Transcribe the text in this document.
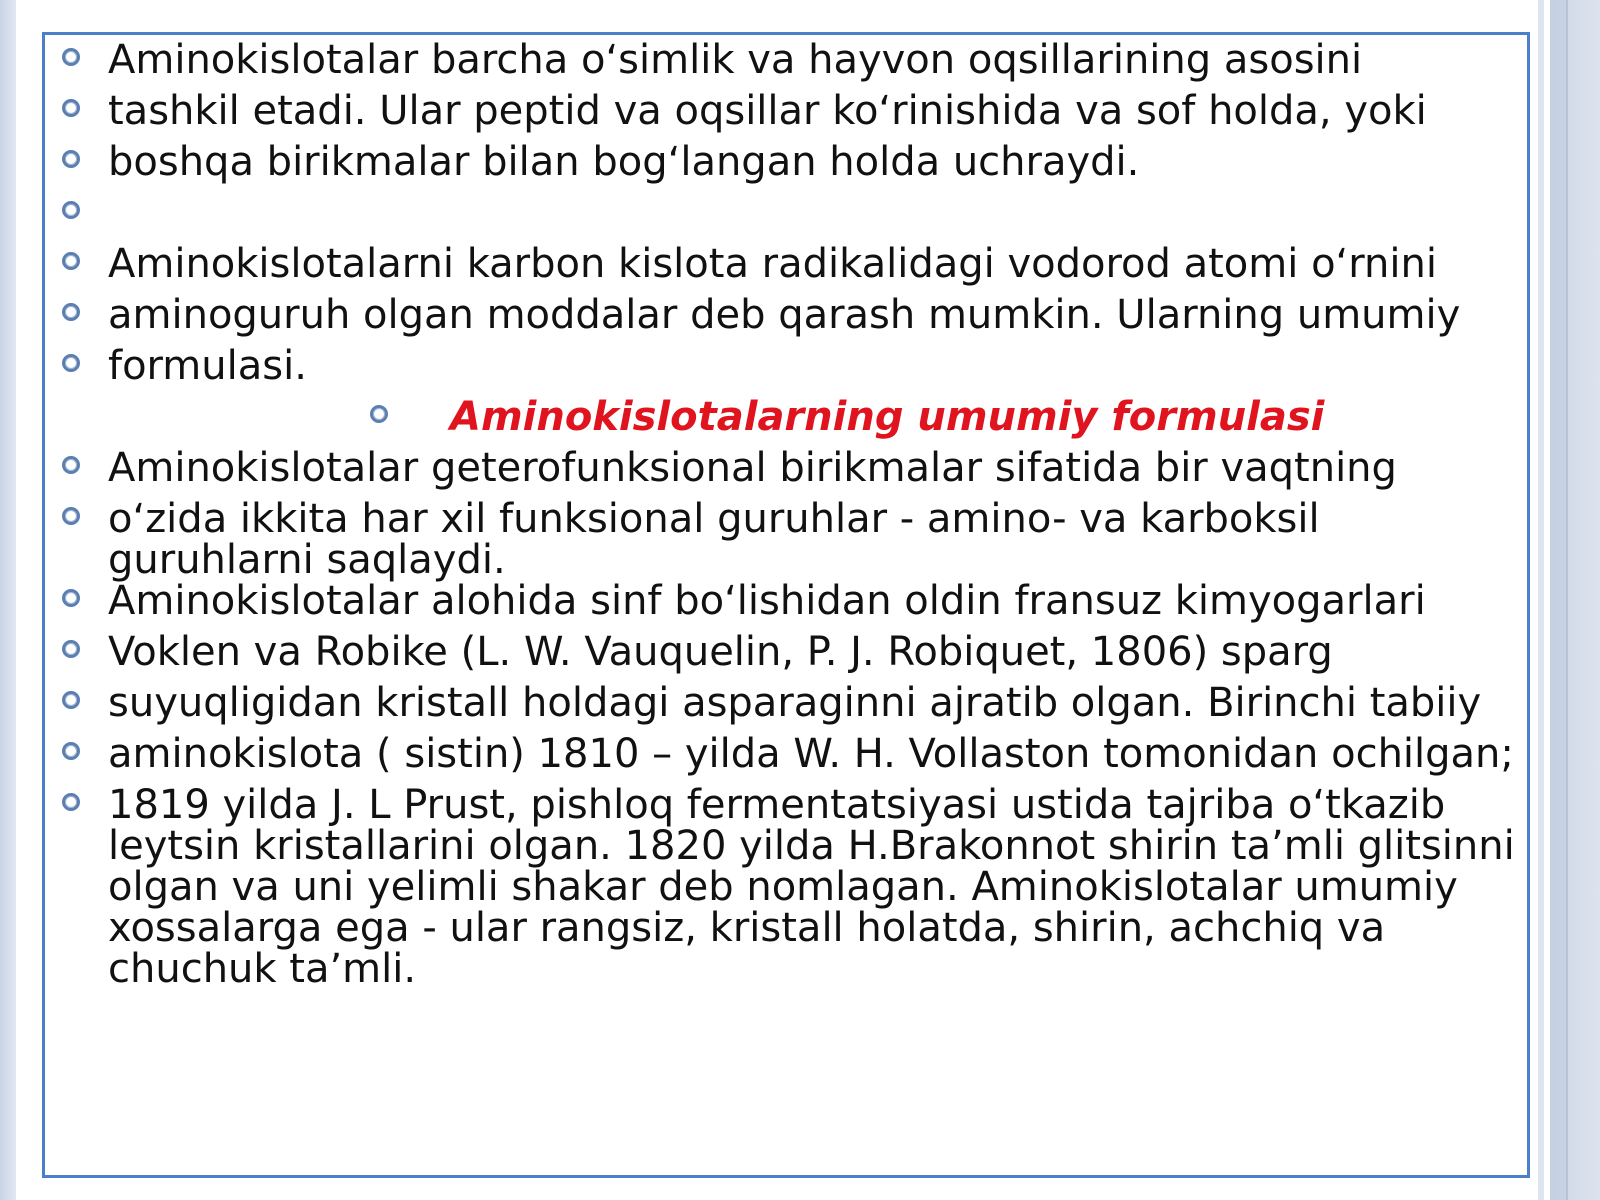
Aminokislotalar barcha o‘simlik va hayvon oqsillarining asosini
tashkil etadi. Ular peptid va oqsillar ko‘rinishida va sof holda, yoki
boshqa birikmalar bilan bog‘langan holda uchraydi.
Aminokislotalarni karbon kislota radikalidagi vodorod atomi o‘rnini
aminoguruh olgan moddalar deb qarash mumkin. Ularning umumiy
formulasi.
Aminokislotalarning umumiy formulasi
Aminokislotalar geterofunksional birikmalar sifatida bir vaqtning
o‘zida ikkita har xil funksional guruhlar - amino- va karboksil guruhlarni saqlaydi.
Aminokislotalar alohida sinf bo‘lishidan oldin fransuz kimyogarlari
Voklen va Robike (L. W. Vauquelin, P. J. Robiquet, 1806) sparg
suyuqligidan kristall holdagi asparaginni ajratib olgan. Birinchi tabiiy
aminokislota ( sistin) 1810 – yilda W. H. Vollaston tomonidan ochilgan;
1819 yilda J. L Prust, pishloq fermentatsiyasi ustida tajriba o‘tkazib leytsin kristallarini olgan. 1820 yilda H.Brakonnot shirin ta’mli glitsinni olgan va uni yelimli shakar deb nomlagan. Aminokislotalar umumiy xossalarga ega - ular rangsiz, kristall holatda, shirin, achchiq va chuchuk ta’mli.
